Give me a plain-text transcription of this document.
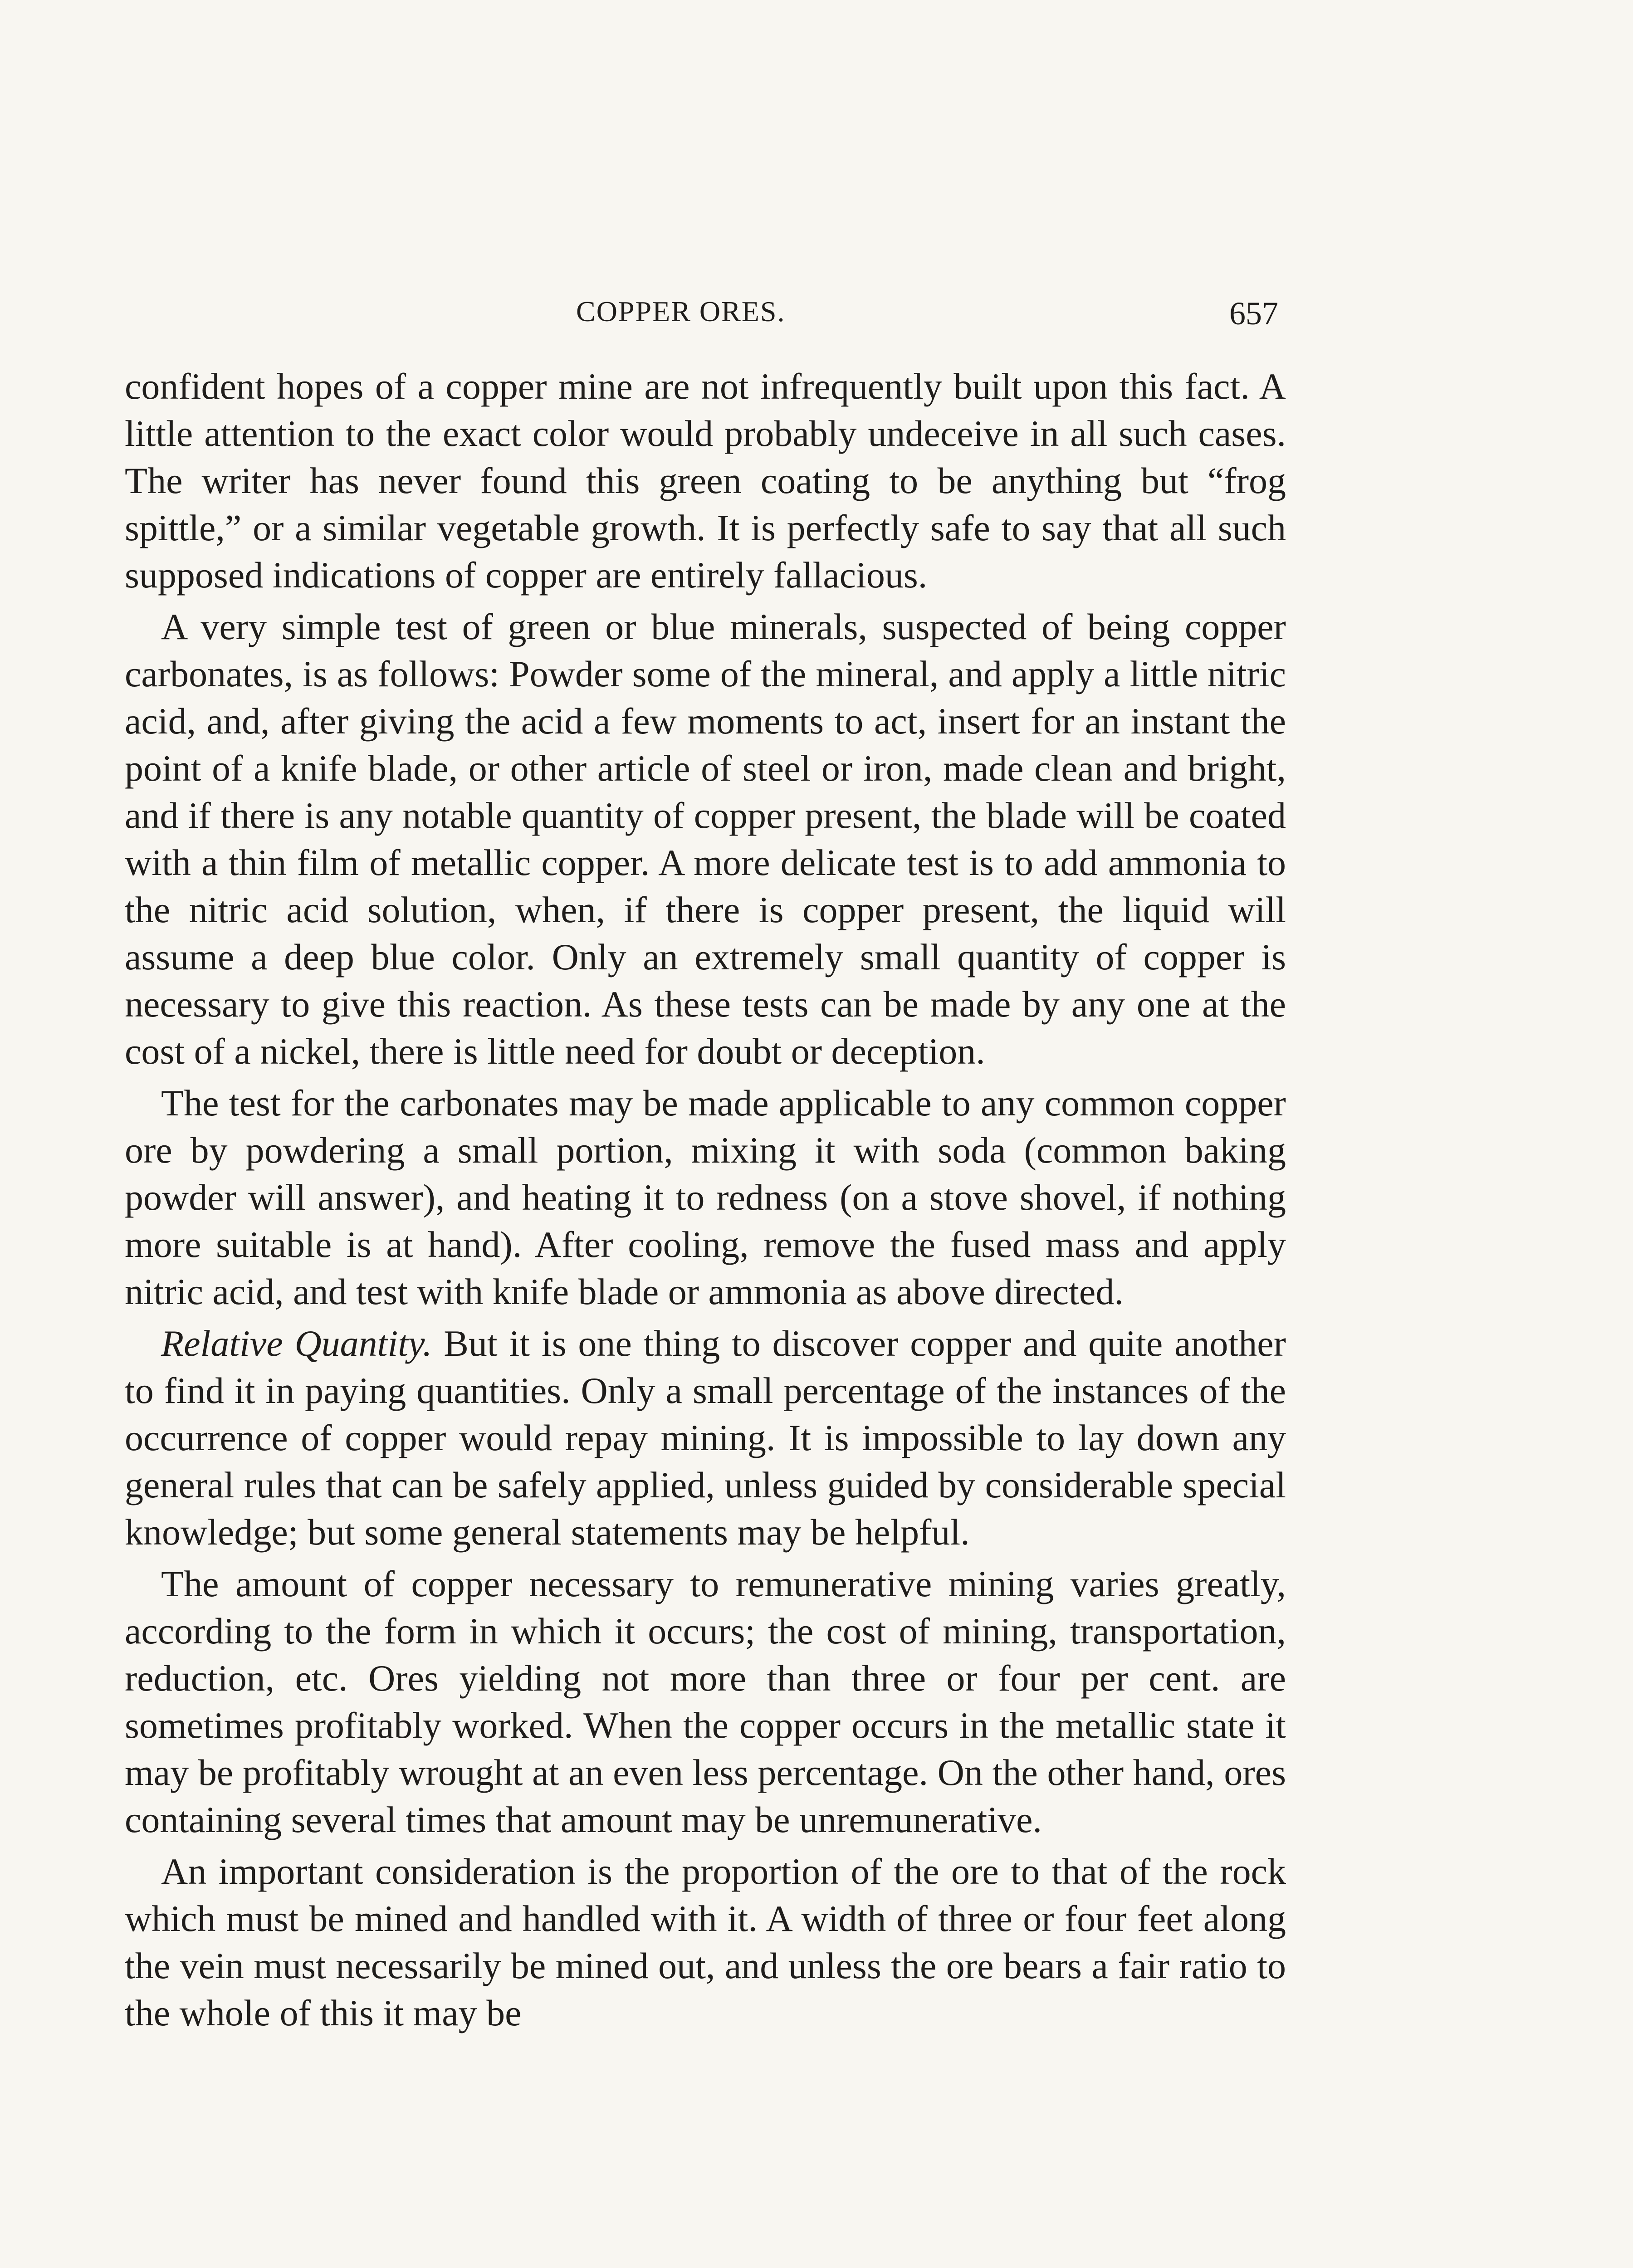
COPPER ORES.	657

confident hopes of a copper mine are not infrequently built upon this fact. A little attention to the exact color would probably undeceive in all such cases. The writer has never found this green coating to be anything but “frog spittle,” or a similar vegetable growth. It is perfectly safe to say that all such supposed indications of copper are entirely fallacious.

A very simple test of green or blue minerals, suspected of being copper carbonates, is as follows: Powder some of the mineral, and apply a little nitric acid, and, after giving the acid a few moments to act, insert for an instant the point of a knife blade, or other article of steel or iron, made clean and bright, and if there is any notable quantity of copper present, the blade will be coated with a thin film of metallic copper. A more delicate test is to add ammonia to the nitric acid solution, when, if there is copper present, the liquid will assume a deep blue color. Only an extremely small quantity of copper is necessary to give this reaction. As these tests can be made by any one at the cost of a nickel, there is little need for doubt or deception.

The test for the carbonates may be made applicable to any common copper ore by powdering a small portion, mixing it with soda (common baking powder will answer), and heating it to redness (on a stove shovel, if nothing more suitable is at hand). After cooling, remove the fused mass and apply nitric acid, and test with knife blade or ammonia as above directed.

Relative Quantity. But it is one thing to discover copper and quite another to find it in paying quantities. Only a small percentage of the instances of the occurrence of copper would repay mining. It is impossible to lay down any general rules that can be safely applied, unless guided by considerable special knowledge; but some general statements may be helpful.

The amount of copper necessary to remunerative mining varies greatly, according to the form in which it occurs; the cost of mining, transportation, reduction, etc. Ores yielding not more than three or four per cent. are sometimes profitably worked. When the copper occurs in the metallic state it may be profitably wrought at an even less percentage. On the other hand, ores containing several times that amount may be unremunerative.

An important consideration is the proportion of the ore to that of the rock which must be mined and handled with it. A width of three or four feet along the vein must necessarily be mined out, and unless the ore bears a fair ratio to the whole of this it may be
